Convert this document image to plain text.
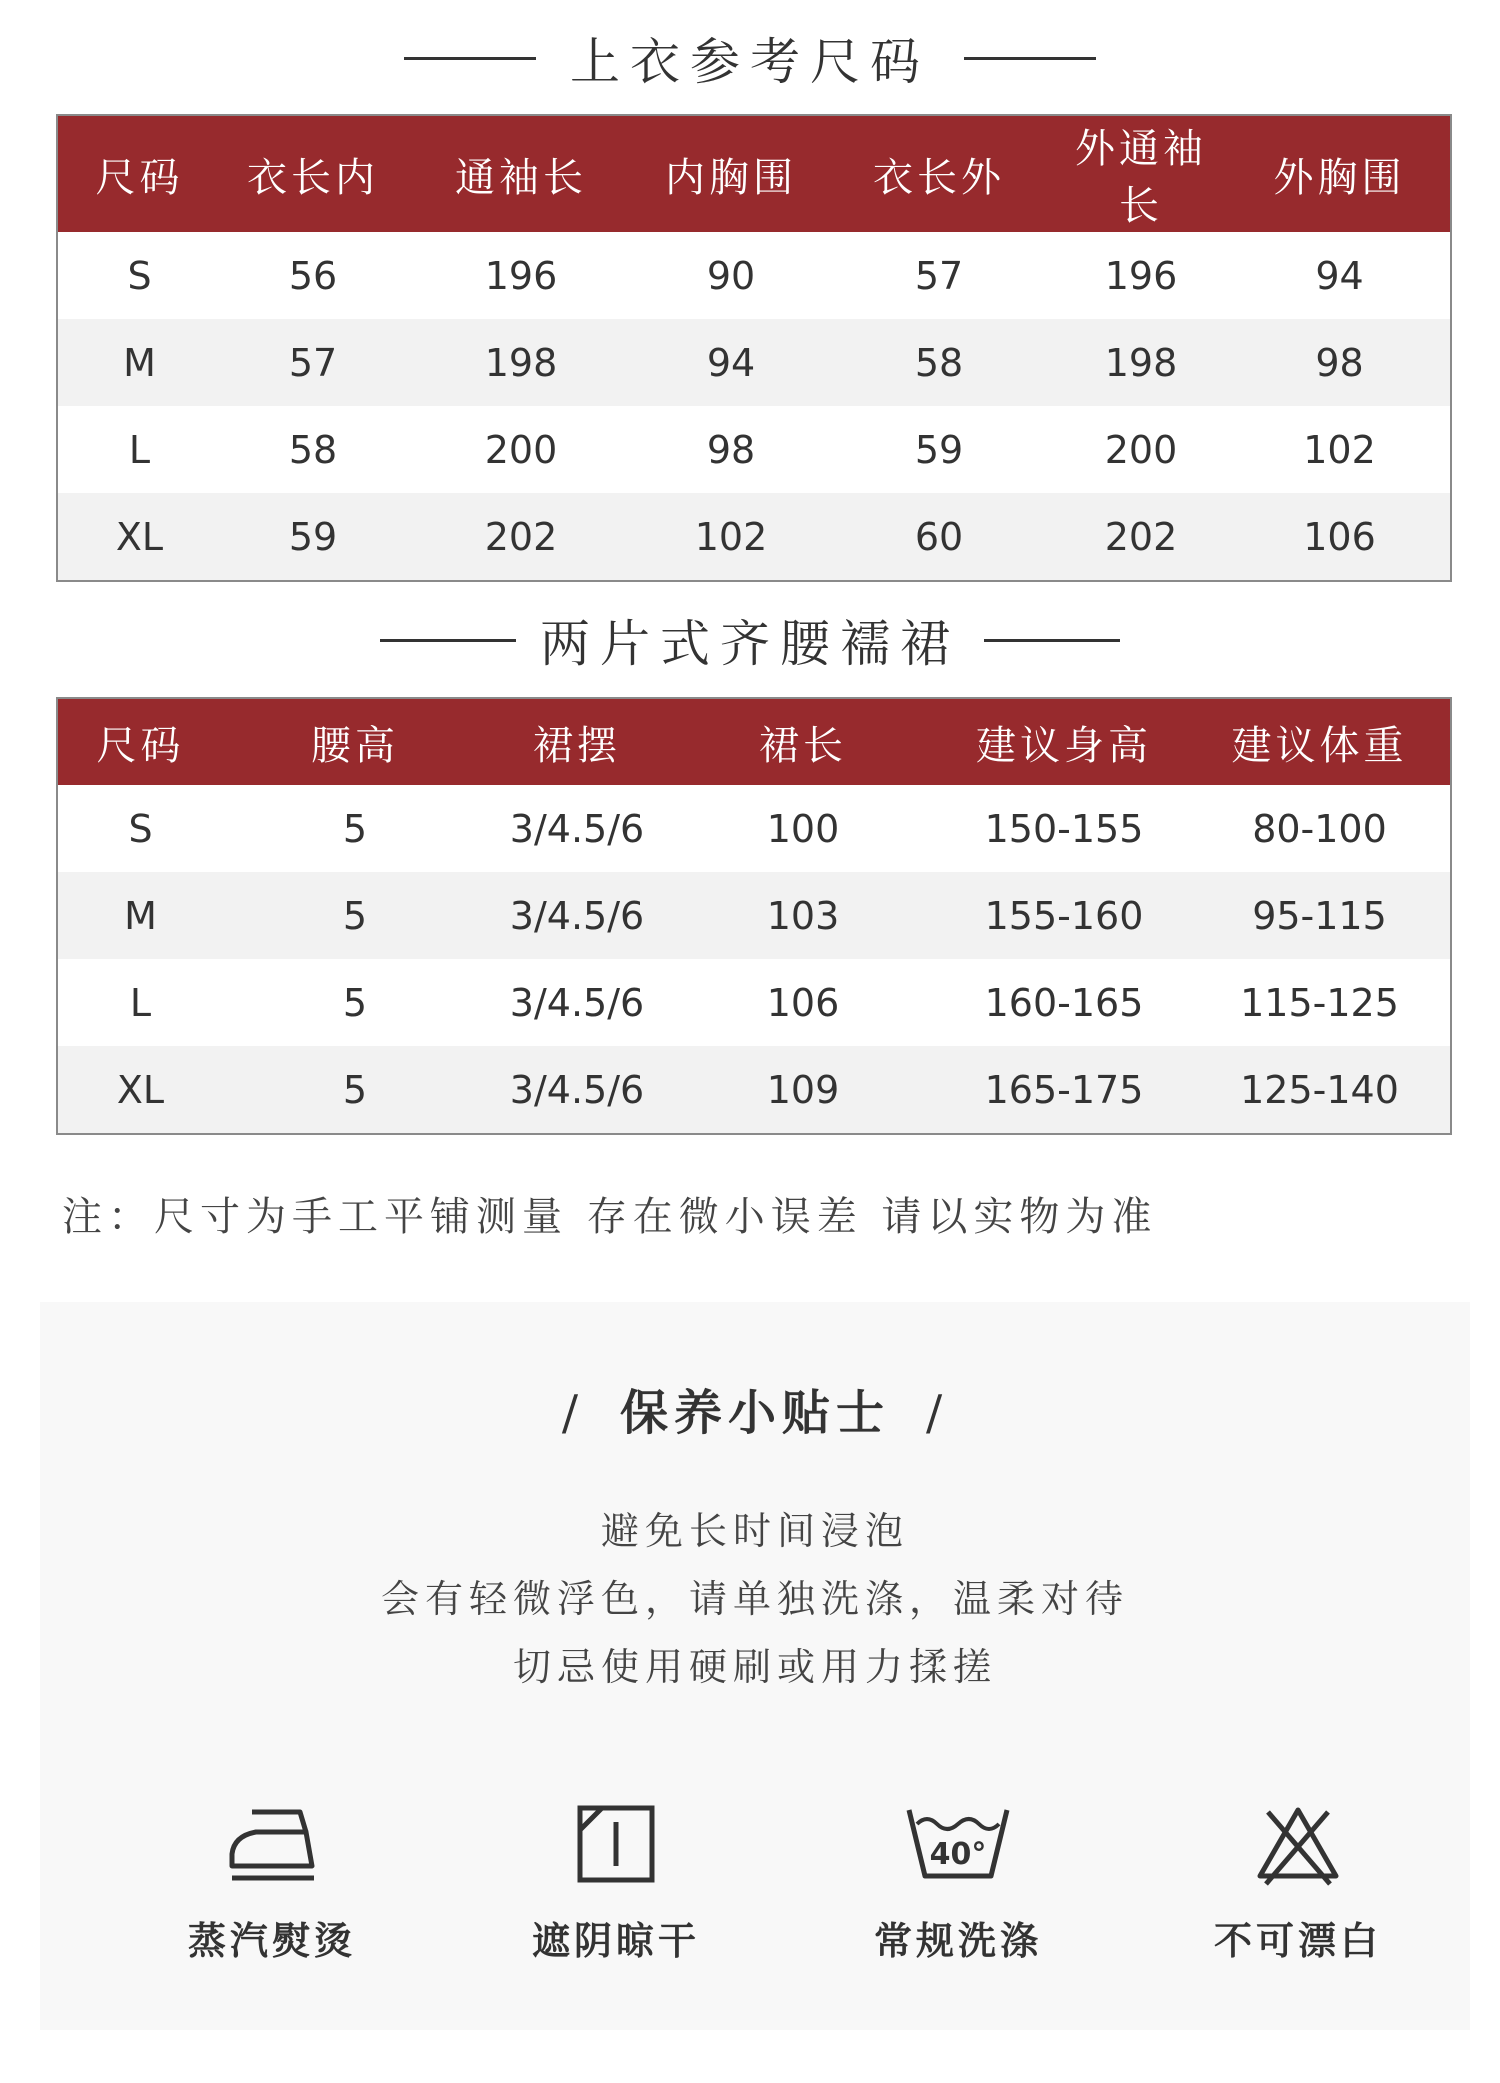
上衣参考尺码
尺码	衣长内	通袖长	内胸围	衣长外	外通袖长	外胸围
S	56	196	90	57	196	94
M	57	198	94	58	198	98
L	58	200	98	59	200	102
XL	59	202	102	60	202	106
两片式齐腰襦裙
尺码	腰高	裙摆	裙长	建议身高	建议体重
S	5	3/4.5/6	100	150-155	80-100
M	5	3/4.5/6	103	155-160	95-115
L	5	3/4.5/6	106	160-165	115-125
XL	5	3/4.5/6	109	165-175	125-140
注：尺寸为手工平铺测量 存在微小误差 请以实物为准
/ 保养小贴士 /
避免长时间浸泡
会有轻微浮色，请单独洗涤，温柔对待
切忌使用硬刷或用力揉搓
蒸汽熨烫	遮阴晾干
40°
常规洗涤	不可漂白
